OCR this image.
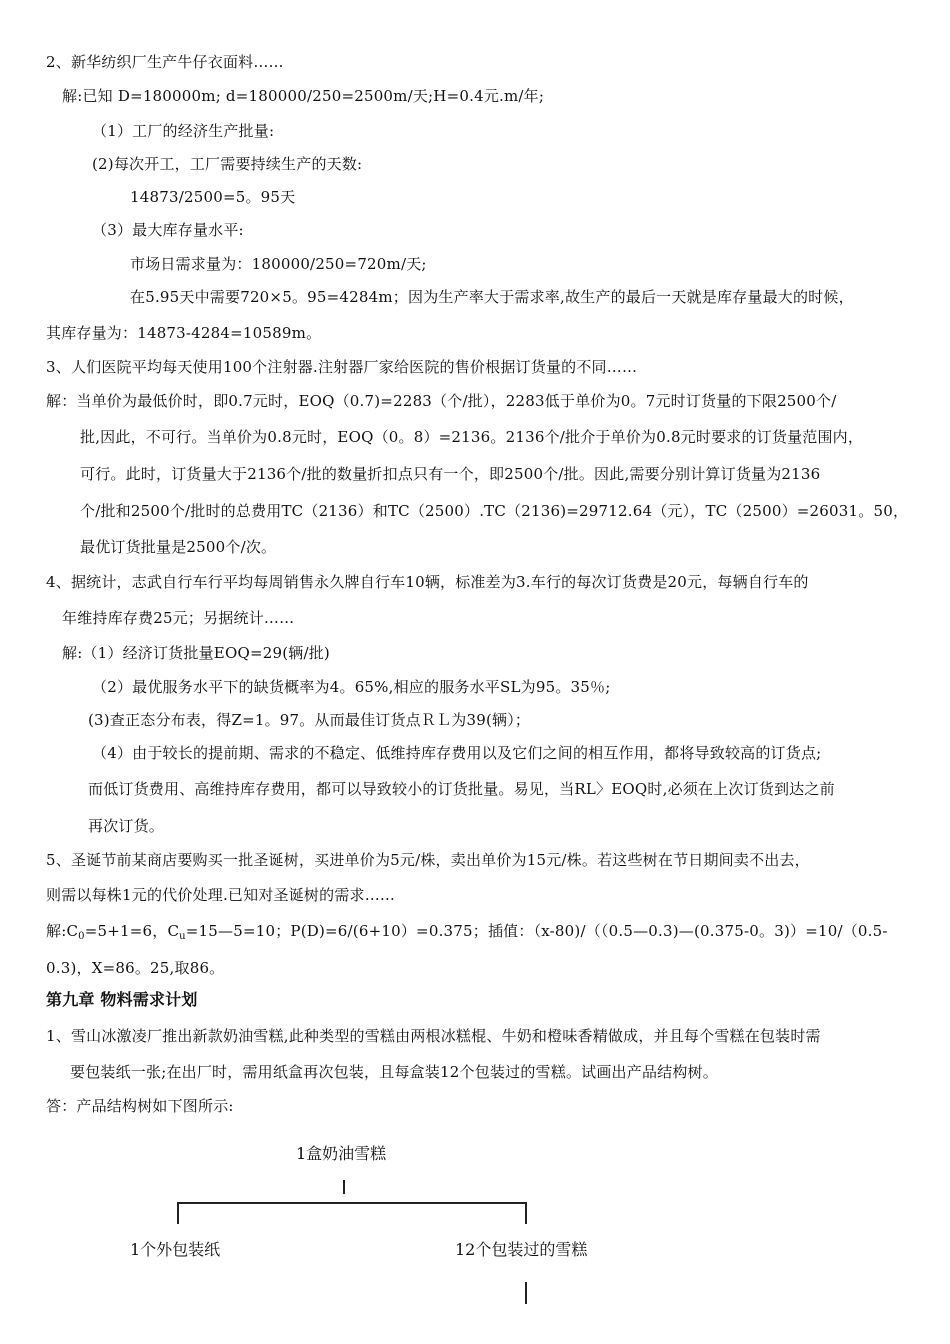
2、新华纺织厂生产牛仔衣面料……
解:已知 D=180000m; d=180000/250=2500m/天;H=0.4元.m/年;
（1）工厂的经济生产批量:
(2)每次开工，工厂需要持续生产的天数:
14873/2500=5。95天
（3）最大库存量水平:
市场日需求量为：180000/250=720m/天;
在5.95天中需要720×5。95=4284m；因为生产率大于需求率,故生产的最后一天就是库存量最大的时候，
其库存量为：14873-4284=10589m。
3、人们医院平均每天使用100个注射器.注射器厂家给医院的售价根据订货量的不同……
解：当单价为最低价时，即0.7元时，EOQ（0.7)=2283（个/批），2283低于单价为0。7元时订货量的下限2500个/
批,因此，不可行。当单价为0.8元时，EOQ（0。8）=2136。2136个/批介于单价为0.8元时要求的订货量范围内，
可行。此时，订货量大于2136个/批的数量折扣点只有一个，即2500个/批。因此,需要分别计算订货量为2136
个/批和2500个/批时的总费用TC（2136）和TC（2500）.TC（2136)=29712.64（元），TC（2500）=26031。50，
最优订货批量是2500个/次。
4、据统计，志武自行车行平均每周销售永久牌自行车10辆，标准差为3.车行的每次订货费是20元，每辆自行车的
年维持库存费25元；另据统计……
解:（1）经济订货批量EOQ=29(辆/批)
（2）最优服务水平下的缺货概率为4。65%,相应的服务水平SL为95。35％;
(3)查正态分布表，得Z=1。97。从而最佳订货点ＲＬ为39(辆）；
（4）由于较长的提前期、需求的不稳定、低维持库存费用以及它们之间的相互作用，都将导致较高的订货点;
而低订货费用、高维持库存费用，都可以导致较小的订货批量。易见，当RL〉EOQ时,必须在上次订货到达之前
再次订货。
5、圣诞节前某商店要购买一批圣诞树，买进单价为5元/株，卖出单价为15元/株。若这些树在节日期间卖不出去，
则需以每株1元的代价处理.已知对圣诞树的需求……
解$:C_0=5+1=6$，$C_u=15—5=10$；P(D)=6/(6+10）=0.375；插值：（x-80)/（（0.5—0.3)—(0.375-0。3)）=10/（0.5-
0.3)，X=86。25,取86。
第九章 物料需求计划
1、雪山冰激凌厂推出新款奶油雪糕,此种类型的雪糕由两根冰糕棍、牛奶和橙味香精做成，并且每个雪糕在包装时需
要包装纸一张;在出厂时，需用纸盒再次包装，且每盒装12个包装过的雪糕。试画出产品结构树。
答：产品结构树如下图所示:
1盒奶油雪糕
1个外包装纸	12个包装过的雪糕
